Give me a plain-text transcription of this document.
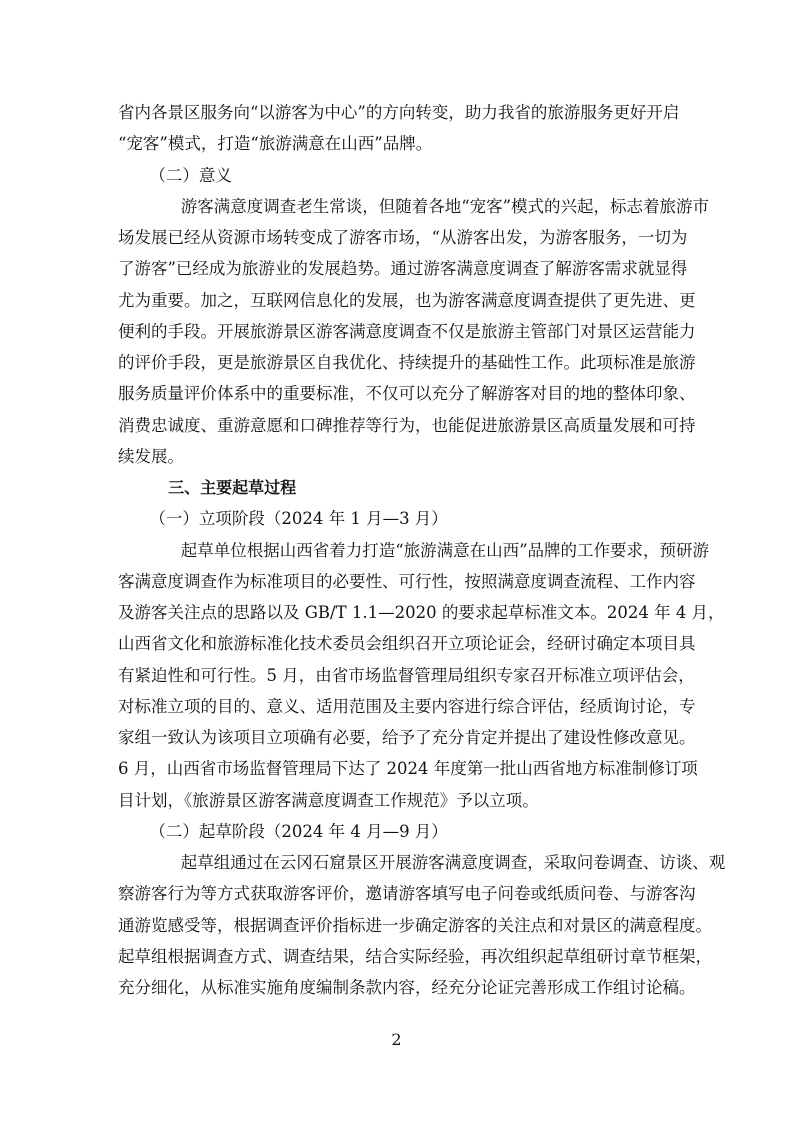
省内各景区服务向“以游客为中心”的方向转变，助力我省的旅游服务更好开启
“宠客”模式，打造“旅游满意在山西”品牌。
（二）意义
游客满意度调查老生常谈，但随着各地“宠客”模式的兴起，标志着旅游市
场发展已经从资源市场转变成了游客市场，“从游客出发，为游客服务，一切为
了游客”已经成为旅游业的发展趋势。通过游客满意度调查了解游客需求就显得
尤为重要。加之，互联网信息化的发展，也为游客满意度调查提供了更先进、更
便利的手段。开展旅游景区游客满意度调查不仅是旅游主管部门对景区运营能力
的评价手段，更是旅游景区自我优化、持续提升的基础性工作。此项标准是旅游
服务质量评价体系中的重要标准，不仅可以充分了解游客对目的地的整体印象、
消费忠诚度、重游意愿和口碑推荐等行为，也能促进旅游景区高质量发展和可持
续发展。
三、主要起草过程
（一）立项阶段（2024 年 1 月—3 月）
起草单位根据山西省着力打造“旅游满意在山西”品牌的工作要求，预研游
客满意度调查作为标准项目的必要性、可行性，按照满意度调查流程、工作内容
及游客关注点的思路以及 GB/T 1.1—2020 的要求起草标准文本。2024 年 4 月，
山西省文化和旅游标准化技术委员会组织召开立项论证会，经研讨确定本项目具
有紧迫性和可行性。5 月，由省市场监督管理局组织专家召开标准立项评估会，
对标准立项的目的、意义、适用范围及主要内容进行综合评估，经质询讨论，专
家组一致认为该项目立项确有必要，给予了充分肯定并提出了建设性修改意见。
6 月，山西省市场监督管理局下达了 2024 年度第一批山西省地方标准制修订项
目计划，《旅游景区游客满意度调查工作规范》予以立项。
（二）起草阶段（2024 年 4 月—9 月）
起草组通过在云冈石窟景区开展游客满意度调查，采取问卷调查、访谈、观
察游客行为等方式获取游客评价，邀请游客填写电子问卷或纸质问卷、与游客沟
通游览感受等，根据调查评价指标进一步确定游客的关注点和对景区的满意程度。
起草组根据调查方式、调查结果，结合实际经验，再次组织起草组研讨章节框架，
充分细化，从标准实施角度编制条款内容，经充分论证完善形成工作组讨论稿。
2
